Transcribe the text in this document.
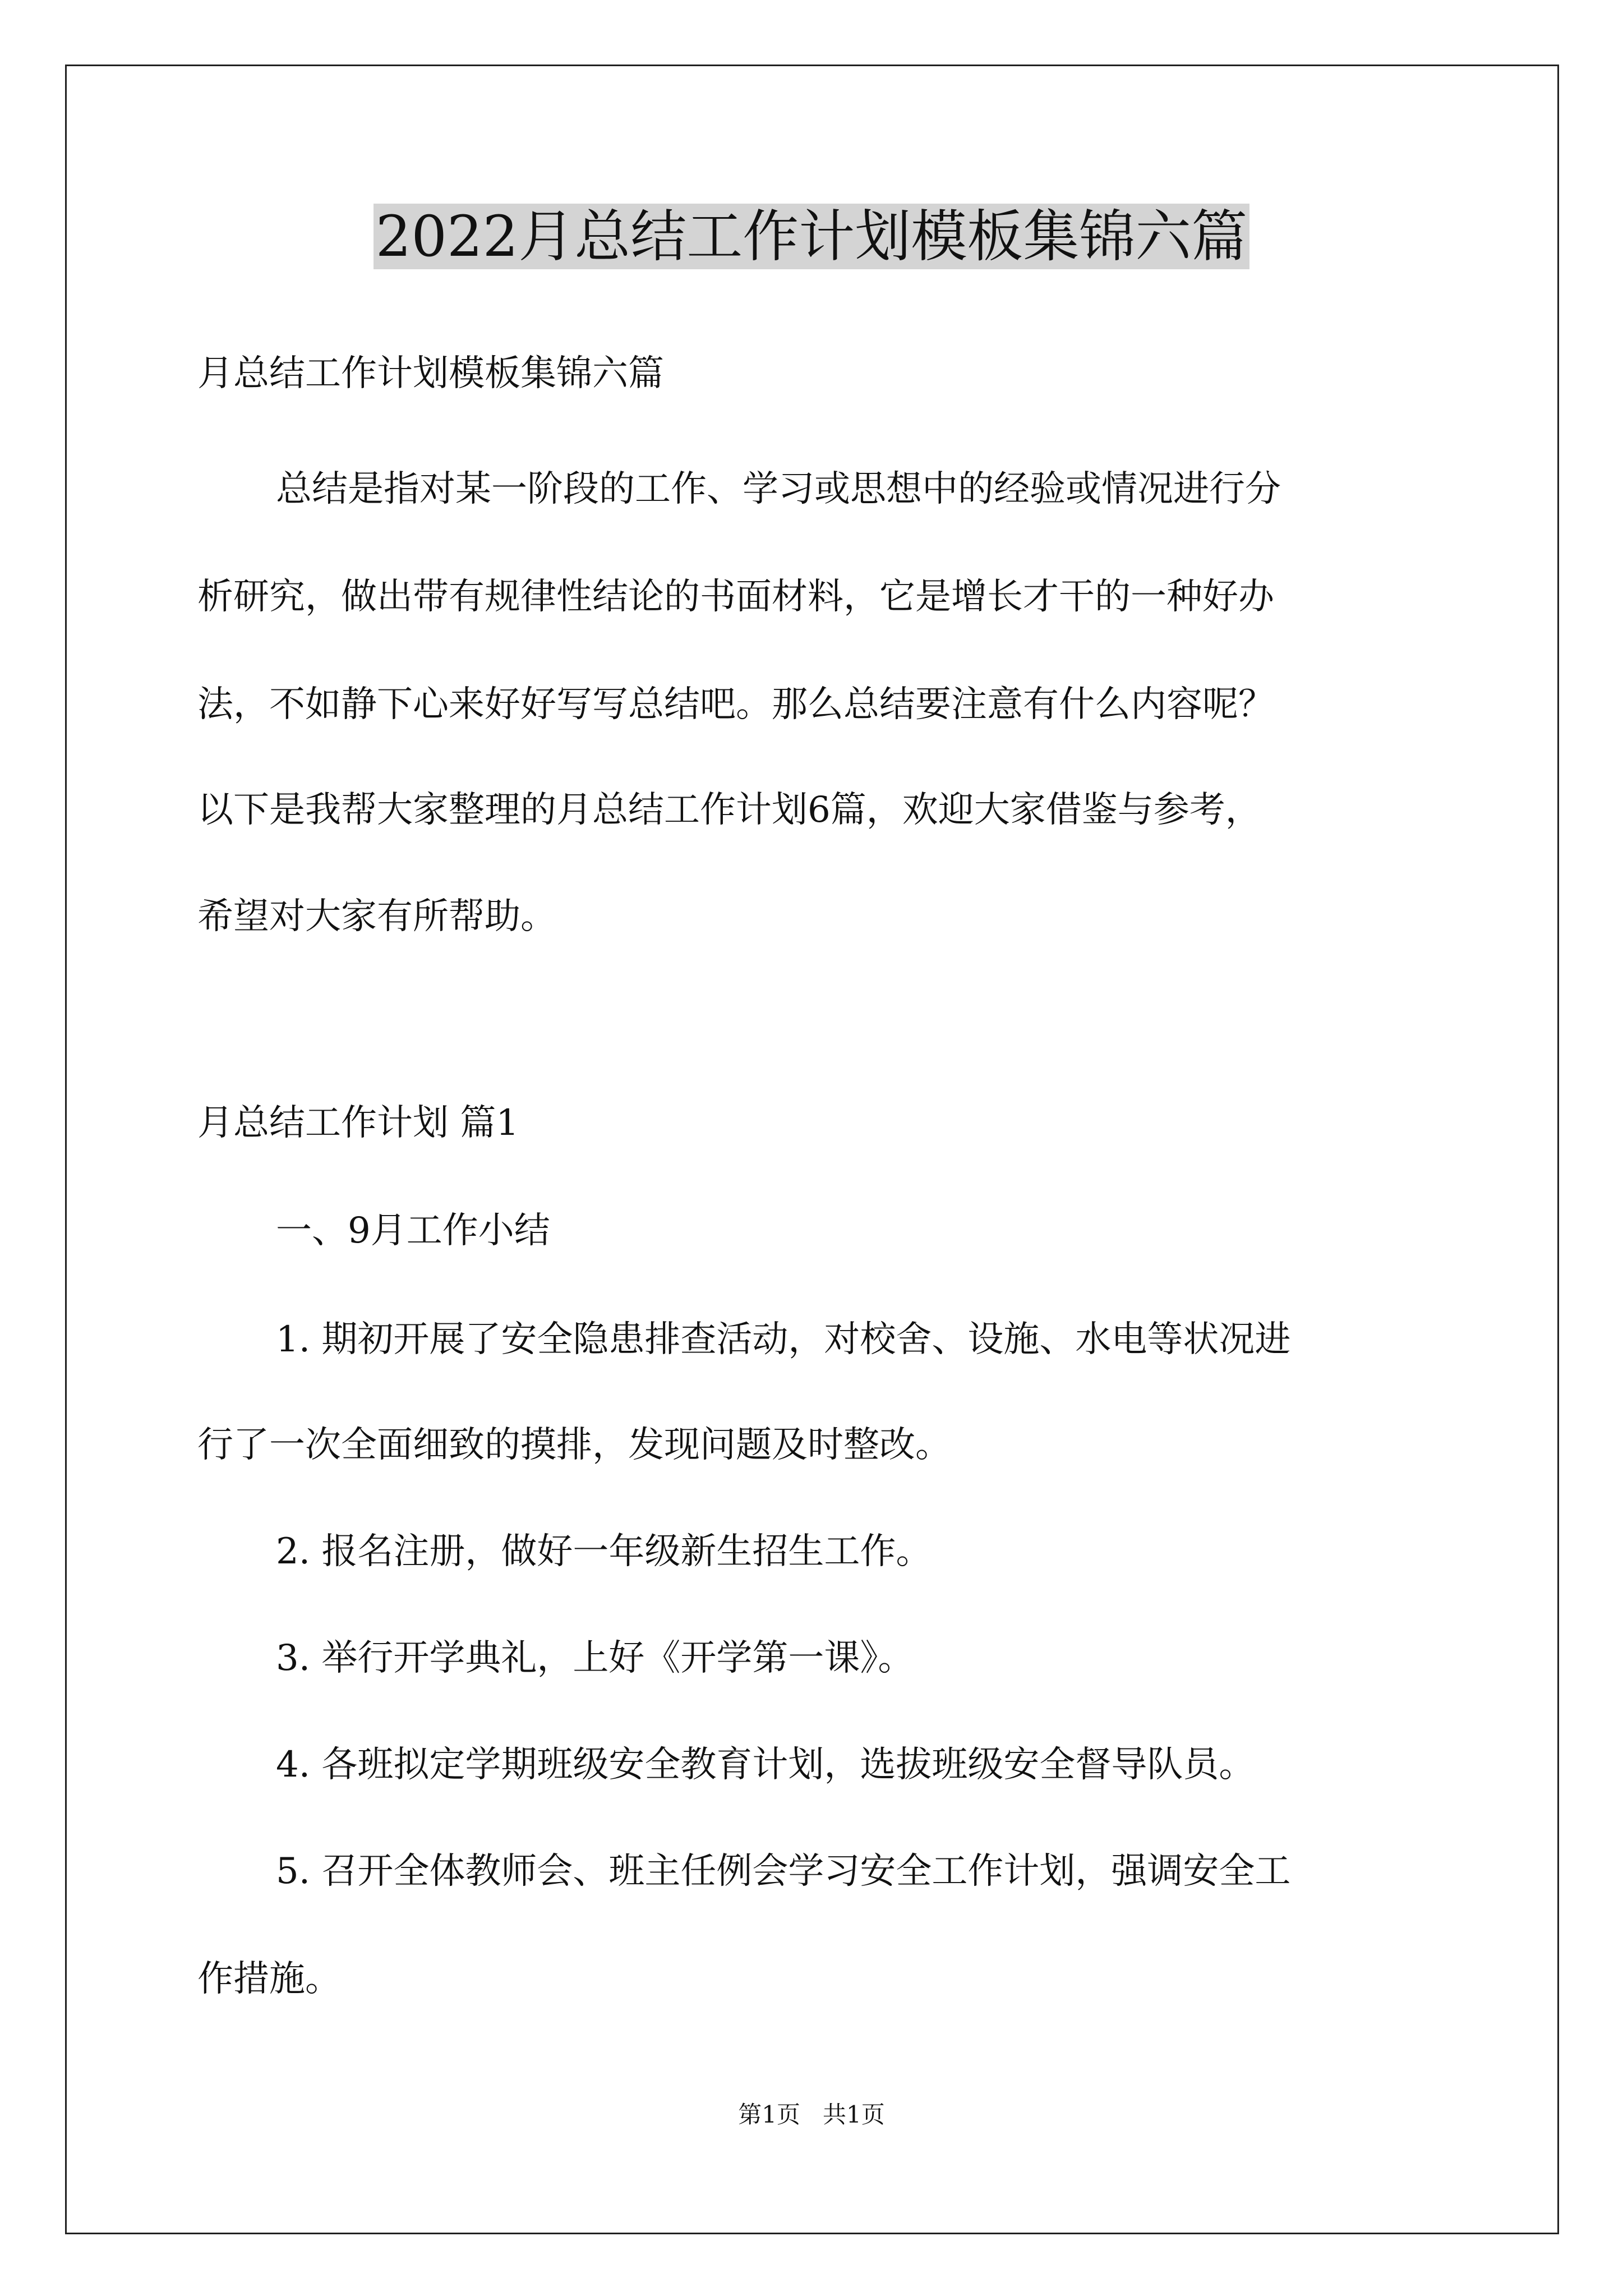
2022月总结工作计划模板集锦六篇

月总结工作计划模板集锦六篇

总结是指对某一阶段的工作、学习或思想中的经验或情况进行分

析研究，做出带有规律性结论的书面材料，它是增长才干的一种好办

法，不如静下心来好好写写总结吧。那么总结要注意有什么内容呢？

以下是我帮大家整理的月总结工作计划6篇，欢迎大家借鉴与参考，

希望对大家有所帮助。

月总结工作计划 篇1

一、9月工作小结

1. 期初开展了安全隐患排查活动，对校舍、设施、水电等状况进

行了一次全面细致的摸排，发现问题及时整改。

2. 报名注册，做好一年级新生招生工作。

3. 举行开学典礼，上好《开学第一课》。

4. 各班拟定学期班级安全教育计划，选拔班级安全督导队员。

5. 召开全体教师会、班主任例会学习安全工作计划，强调安全工

作措施。

第1页   共1页
